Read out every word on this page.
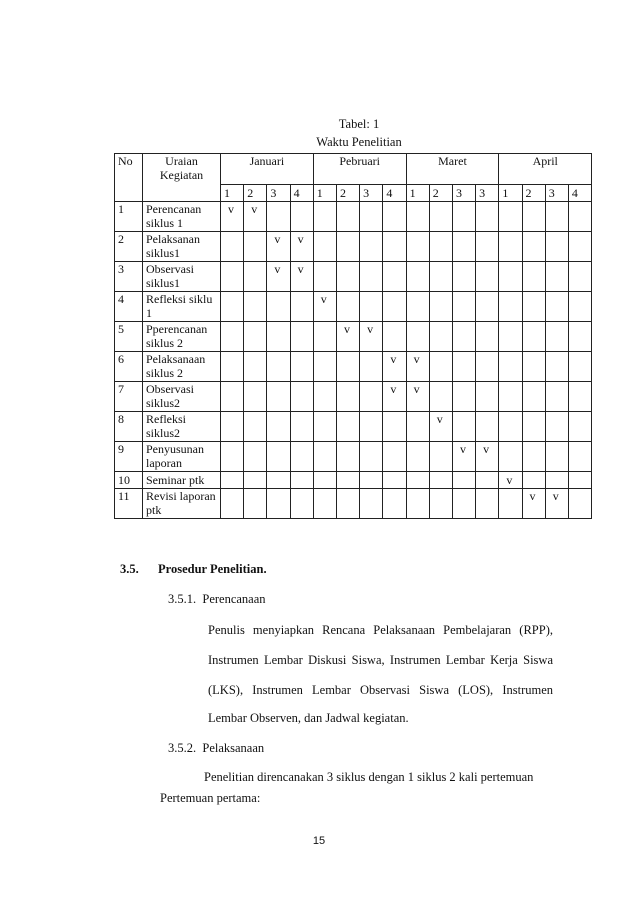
Tabel: 1
Waktu Penelitian
No	Uraian Kegiatan	Januari				Pebruari				Maret				April			
		1	2	3	4	1	2	3	4	1	2	3	3	1	2	3	4
1	Perencanan siklus 1	v	v														
2	Pelaksanan siklus1			v	v												
3	Observasi siklus1			v	v												
4	Refleksi siklu 1					v											
5	Pperencanan siklus 2						v	v									
6	Pelaksanaan siklus 2								v	v							
7	Observasi siklus2								v	v							
8	Refleksi siklus2										v						
9	Penyusunan laporan											v	v				
10	Seminar ptk													v			
11	Revisi laporan ptk														v	v	
3.5. Prosedur Penelitian.
3.5.1.  Perencanaan
Penulis menyiapkan Rencana Pelaksanaan Pembelajaran (RPP),
Instrumen Lembar Diskusi Siswa, Instrumen Lembar Kerja Siswa
(LKS), Instrumen Lembar Observasi Siswa (LOS), Instrumen
Lembar Observen, dan Jadwal kegiatan.
3.5.2.  Pelaksanaan
Penelitian direncanakan 3 siklus dengan 1 siklus 2 kali pertemuan
Pertemuan pertama:
15
